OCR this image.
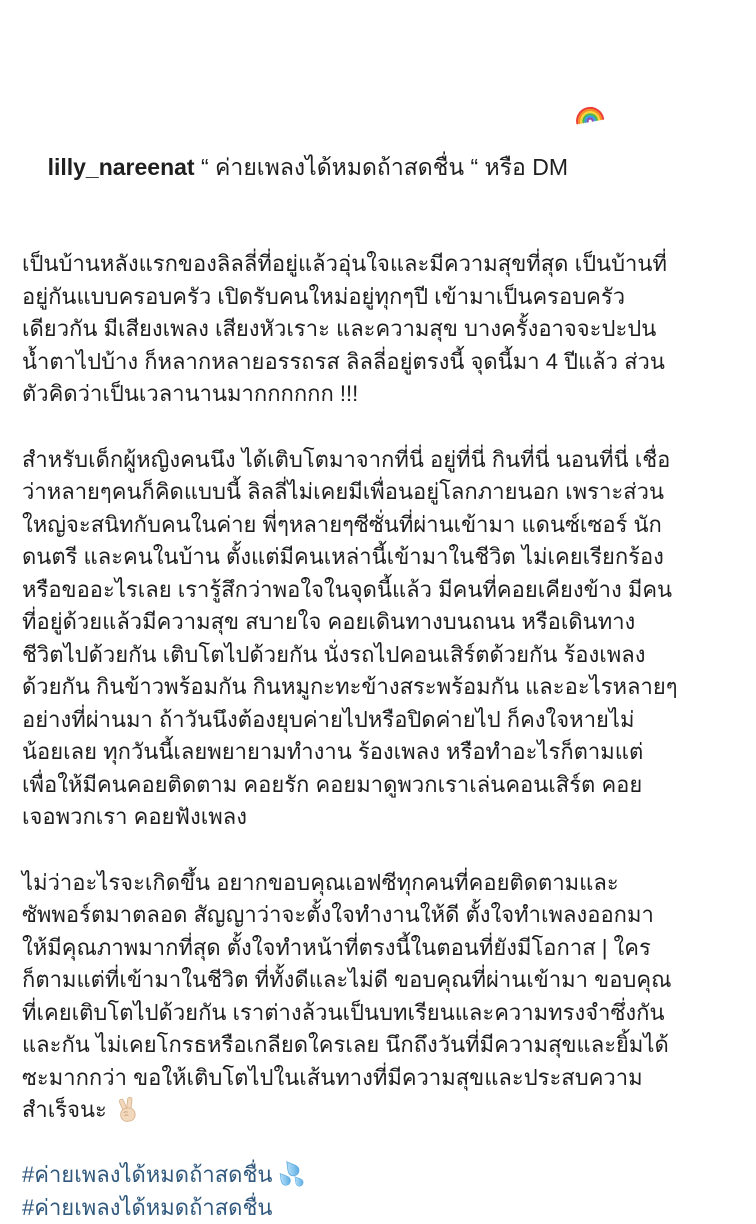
lilly_nareenat “ ค่ายเพลงได้หมดถ้าสดชื่น “ หรือ DM

เป็นบ้านหลังแรกของลิลลี่ที่อยู่แล้วอุ่นใจและมีความสุขที่สุด เป็นบ้านที่
อยู่กันแบบครอบครัว เปิดรับคนใหม่อยู่ทุกๆปี เข้ามาเป็นครอบครัว
เดียวกัน มีเสียงเพลง เสียงหัวเราะ และความสุข บางครั้งอาจจะปะปน
น้ำตาไปบ้าง ก็หลากหลายอรรถรส ลิลลี่อยู่ตรงนี้ จุดนี้มา 4 ปีแล้ว ส่วน
ตัวคิดว่าเป็นเวลานานมากกกกกก !!!
สำหรับเด็กผู้หญิงคนนึง ได้เติบโตมาจากที่นี่ อยู่ที่นี่ กินที่นี่ นอนที่นี่ เชื่อ
ว่าหลายๆคนก็คิดแบบนี้ ลิลลี่ไม่เคยมีเพื่อนอยู่โลกภายนอก เพราะส่วน
ใหญ่จะสนิทกับคนในค่าย พี่ๆหลายๆซีซั่นที่ผ่านเข้ามา แดนซ์เซอร์ นัก
ดนตรี และคนในบ้าน ตั้งแต่มีคนเหล่านี้เข้ามาในชีวิต ไม่เคยเรียกร้อง
หรือขออะไรเลย เรารู้สึกว่าพอใจในจุดนี้แล้ว มีคนที่คอยเคียงข้าง มีคน
ที่อยู่ด้วยแล้วมีความสุข สบายใจ คอยเดินทางบนถนน หรือเดินทาง
ชีวิตไปด้วยกัน เติบโตไปด้วยกัน นั่งรถไปคอนเสิร์ตด้วยกัน ร้องเพลง
ด้วยกัน กินข้าวพร้อมกัน กินหมูกะทะข้างสระพร้อมกัน และอะไรหลายๆ
อย่างที่ผ่านมา ถ้าวันนึงต้องยุบค่ายไปหรือปิดค่ายไป ก็คงใจหายไม่
น้อยเลย ทุกวันนี้เลยพยายามทำงาน ร้องเพลง หรือทำอะไรก็ตามแต่
เพื่อให้มีคนคอยติดตาม คอยรัก คอยมาดูพวกเราเล่นคอนเสิร์ต คอย
เจอพวกเรา คอยฟังเพลง
ไม่ว่าอะไรจะเกิดขึ้น อยากขอบคุณเอฟซีทุกคนที่คอยติดตามและ
ซัพพอร์ตมาตลอด สัญญาว่าจะตั้งใจทำงานให้ดี ตั้งใจทำเพลงออกมา
ให้มีคุณภาพมากที่สุด ตั้งใจทำหน้าที่ตรงนี้ในตอนที่ยังมีโอกาส | ใคร
ก็ตามแต่ที่เข้ามาในชีวิต ที่ทั้งดีและไม่ดี ขอบคุณที่ผ่านเข้ามา ขอบคุณ
ที่เคยเติบโตไปด้วยกัน เราต่างล้วนเป็นบทเรียนและความทรงจำซึ่งกัน
และกัน ไม่เคยโกรธหรือเกลียดใครเลย นึกถึงวันที่มีความสุขและยิ้มได้
ซะมากกว่า ขอให้เติบโตไปในเส้นทางที่มีความสุขและประสบความ
สำเร็จนะ
#ค่ายเพลงได้หมดถ้าสดชื่น
#ค่ายเพลงได้หมดถ้าสดชื่น
